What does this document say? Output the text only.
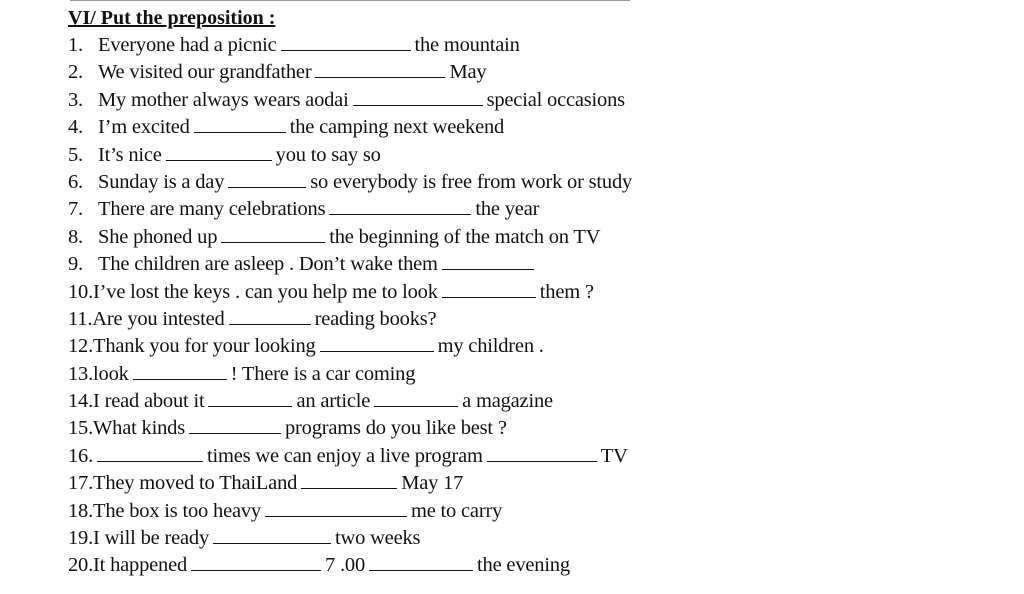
VI/ Put the preposition :
1. Everyone had a picnic	the mountain
2. We visited our grandfather	May
3. My mother always wears aodai	special occasions
4. I’m excited	the camping next weekend
5. It’s nice	you to say so
6. Sunday is a day	so everybody is free from work or study
7. There are many celebrations	the year
8. She phoned up	the beginning of the match on TV
9. The children are asleep . Don’t wake them
10.I’ve lost the keys . can you help me to look	them ?
11.Are you intested	reading books?
12.Thank you for your looking	my children .
13.look	! There is a car coming
14.I read about it	an article	a magazine
15.What kinds	programs do you like best ?
16.	times we can enjoy a live program	TV
17.They moved to ThaiLand	May 17
18.The box is too heavy	me to carry
19.I will be ready	two weeks
20.It happened	7 .00	the evening
